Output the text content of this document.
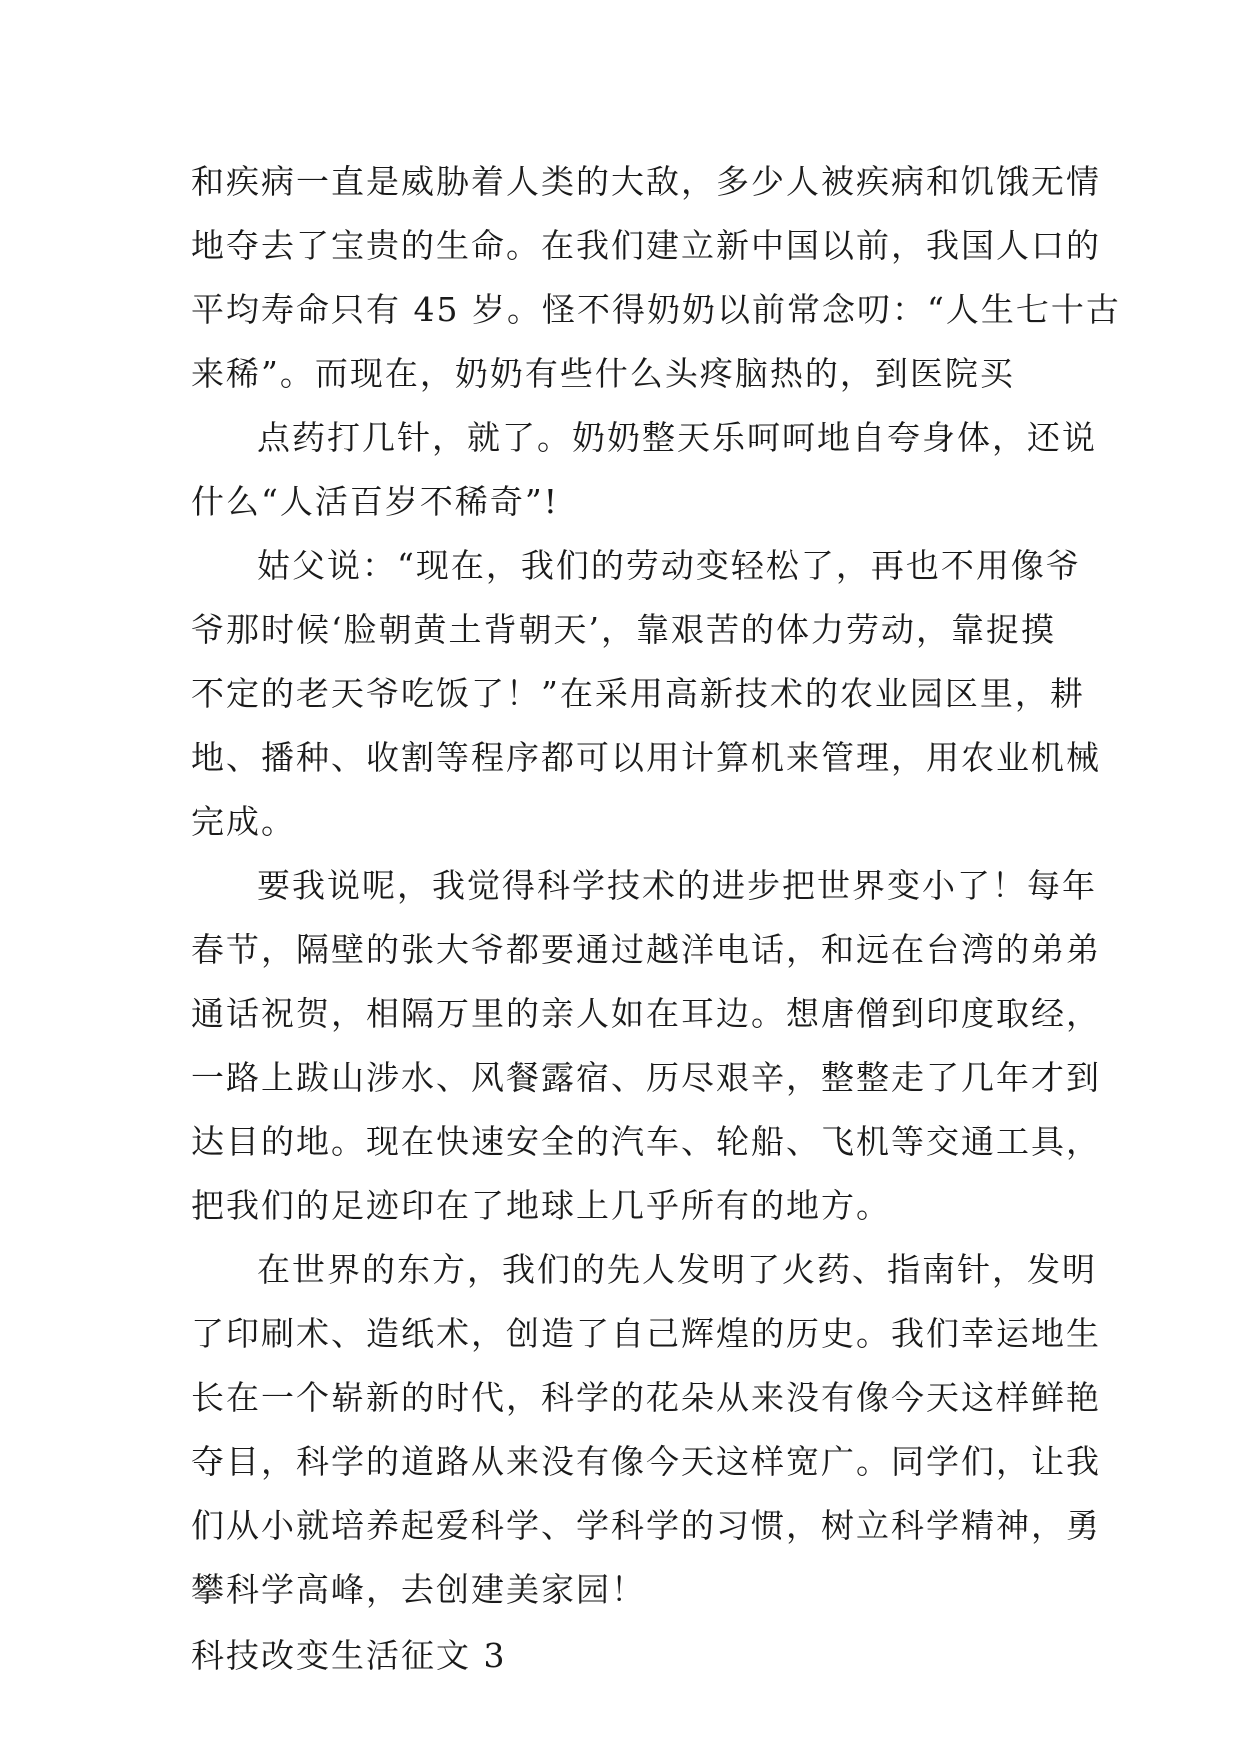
和疾病一直是威胁着人类的大敌，多少人被疾病和饥饿无情
地夺去了宝贵的生命。在我们建立新中国以前，我国人口的
平均寿命只有 45 岁。怪不得奶奶以前常念叨：“人生七十古
来稀”。而现在，奶奶有些什么头疼脑热的，到医院买
点药打几针，就了。奶奶整天乐呵呵地自夸身体，还说
什么“人活百岁不稀奇”!
姑父说：“现在，我们的劳动变轻松了，再也不用像爷
爷那时候‘脸朝黄土背朝天’，靠艰苦的体力劳动，靠捉摸
不定的老天爷吃饭了！”在采用高新技术的农业园区里，耕
地、播种、收割等程序都可以用计算机来管理，用农业机械
完成。
要我说呢，我觉得科学技术的进步把世界变小了！每年
春节，隔壁的张大爷都要通过越洋电话，和远在台湾的弟弟
通话祝贺，相隔万里的亲人如在耳边。想唐僧到印度取经，
一路上跋山涉水、风餐露宿、历尽艰辛，整整走了几年才到
达目的地。现在快速安全的汽车、轮船、飞机等交通工具，
把我们的足迹印在了地球上几乎所有的地方。
在世界的东方，我们的先人发明了火药、指南针，发明
了印刷术、造纸术，创造了自己辉煌的历史。我们幸运地生
长在一个崭新的时代，科学的花朵从来没有像今天这样鲜艳
夺目，科学的道路从来没有像今天这样宽广。同学们，让我
们从小就培养起爱科学、学科学的习惯，树立科学精神，勇
攀科学高峰，去创建美家园！
科技改变生活征文 3
